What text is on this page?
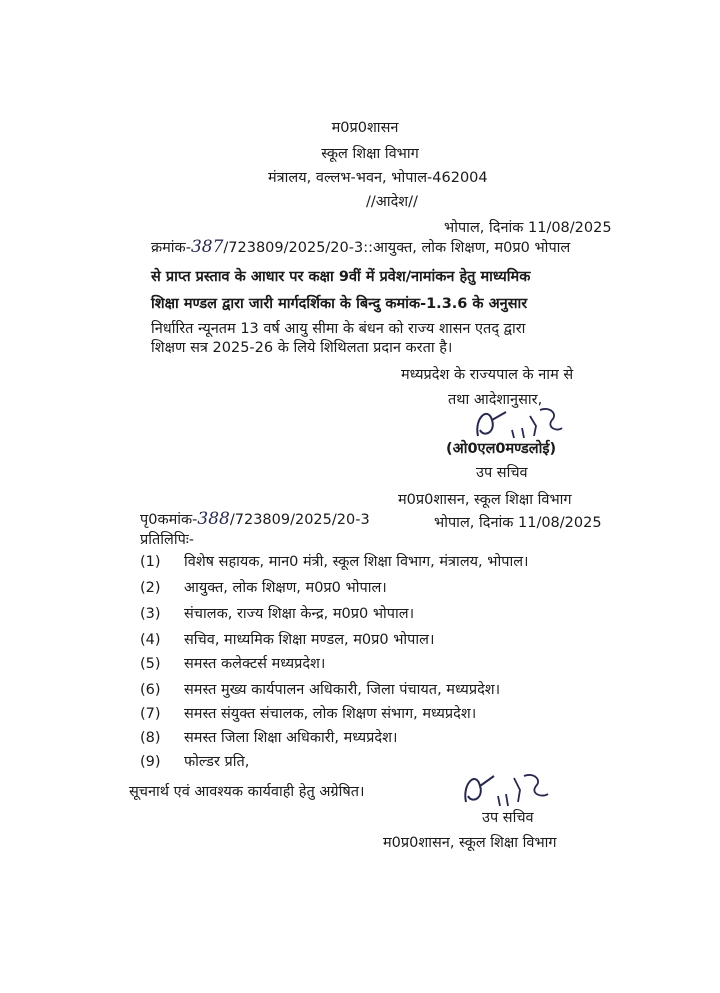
म0प्र0शासन
स्कूल शिक्षा विभाग
मंत्रालय, वल्लभ-भवन, भोपाल-462004
//आदेश//
भोपाल, दिनांक 11/08/2025
क्रमांक-387/723809/2025/20-3::आयुक्त, लोक शिक्षण, म0प्र0 भोपाल
से प्राप्त प्रस्ताव के आधार पर कक्षा 9वीं में प्रवेश/नामांकन हेतु माध्यमिक
शिक्षा मण्डल द्वारा जारी मार्गदर्शिका के बिन्दु कमांक-1.3.6 के अनुसार
निर्धारित न्यूनतम 13 वर्ष आयु सीमा के बंधन को राज्य शासन एतद् द्वारा
शिक्षण सत्र 2025-26 के लिये शिथिलता प्रदान करता है।
मध्यप्रदेश के राज्यपाल के नाम से
तथा आदेशानुसार,
(ओ0एल0मण्डलोई)
उप सचिव
म0प्र0शासन, स्कूल शिक्षा विभाग
पृ0कमांक-388/723809/2025/20-3	भोपाल, दिनांक 11/08/2025
प्रतिलिपिः-
(1) विशेष सहायक, मान0 मंत्री, स्कूल शिक्षा विभाग, मंत्रालय, भोपाल।
(2) आयुक्त, लोक शिक्षण, म0प्र0 भोपाल।
(3) संचालक, राज्य शिक्षा केन्द्र, म0प्र0 भोपाल।
(4) सचिव, माध्यमिक शिक्षा मण्डल, म0प्र0 भोपाल।
(5) समस्त कलेक्टर्स मध्यप्रदेश।
(6) समस्त मुख्य कार्यपालन अधिकारी, जिला पंचायत, मध्यप्रदेश।
(7) समस्त संयुक्त संचालक, लोक शिक्षण संभाग, मध्यप्रदेश।
(8) समस्त जिला शिक्षा अधिकारी, मध्यप्रदेश।
(9) फोल्डर प्रति,
सूचनार्थ एवं आवश्यक कार्यवाही हेतु अग्रेषित।
उप सचिव
म0प्र0शासन, स्कूल शिक्षा विभाग
